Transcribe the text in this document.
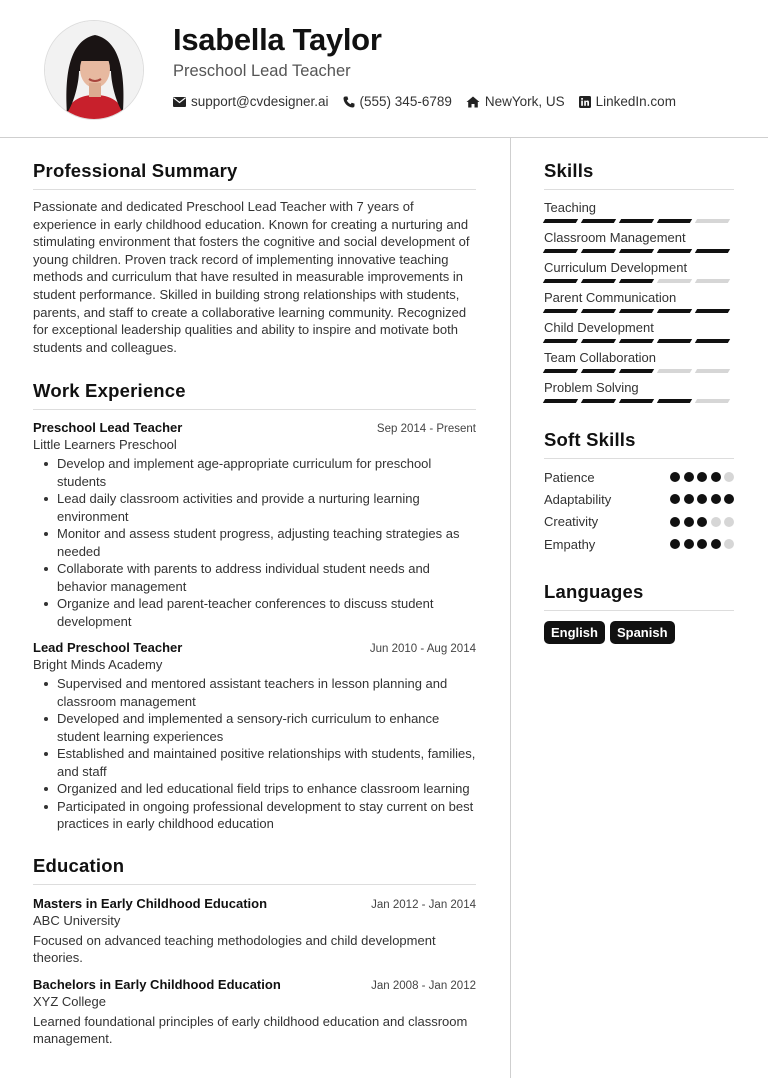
Isabella Taylor
Preschool Lead Teacher
support@cvdesigner.ai (555) 345-6789 NewYork, US LinkedIn.com
Professional Summary

Passionate and dedicated Preschool Lead Teacher with 7 years of experience in early childhood education. Known for creating a nurturing and stimulating environment that fosters the cognitive and social development of young children. Proven track record of implementing innovative teaching methods and curriculum that have resulted in measurable improvements in student performance. Skilled in building strong relationships with students, parents, and staff to create a collaborative learning community. Recognized for exceptional leadership qualities and ability to inspire and motivate both students and colleagues.

Work Experience
Preschool Lead Teacher	Sep 2014 - Present
Little Learners Preschool
Develop and implement age-appropriate curriculum for preschool students
Lead daily classroom activities and provide a nurturing learning environment
Monitor and assess student progress, adjusting teaching strategies as needed
Collaborate with parents to address individual student needs and behavior management
Organize and lead parent-teacher conferences to discuss student development
Lead Preschool Teacher	Jun 2010 - Aug 2014
Bright Minds Academy
Supervised and mentored assistant teachers in lesson planning and classroom management
Developed and implemented a sensory-rich curriculum to enhance student learning experiences
Established and maintained positive relationships with students, families, and staff
Organized and led educational field trips to enhance classroom learning
Participated in ongoing professional development to stay current on best practices in early childhood education
Education
Masters in Early Childhood Education	Jan 2012 - Jan 2014
ABC University

Focused on advanced teaching methodologies and child development theories.

Bachelors in Early Childhood Education	Jan 2008 - Jan 2012
XYZ College

Learned foundational principles of early childhood education and classroom management.

Skills
Teaching
Classroom Management
Curriculum Development
Parent Communication
Child Development
Team Collaboration
Problem Solving
Soft Skills
Patience
Adaptability
Creativity
Empathy
Languages
English	Spanish
